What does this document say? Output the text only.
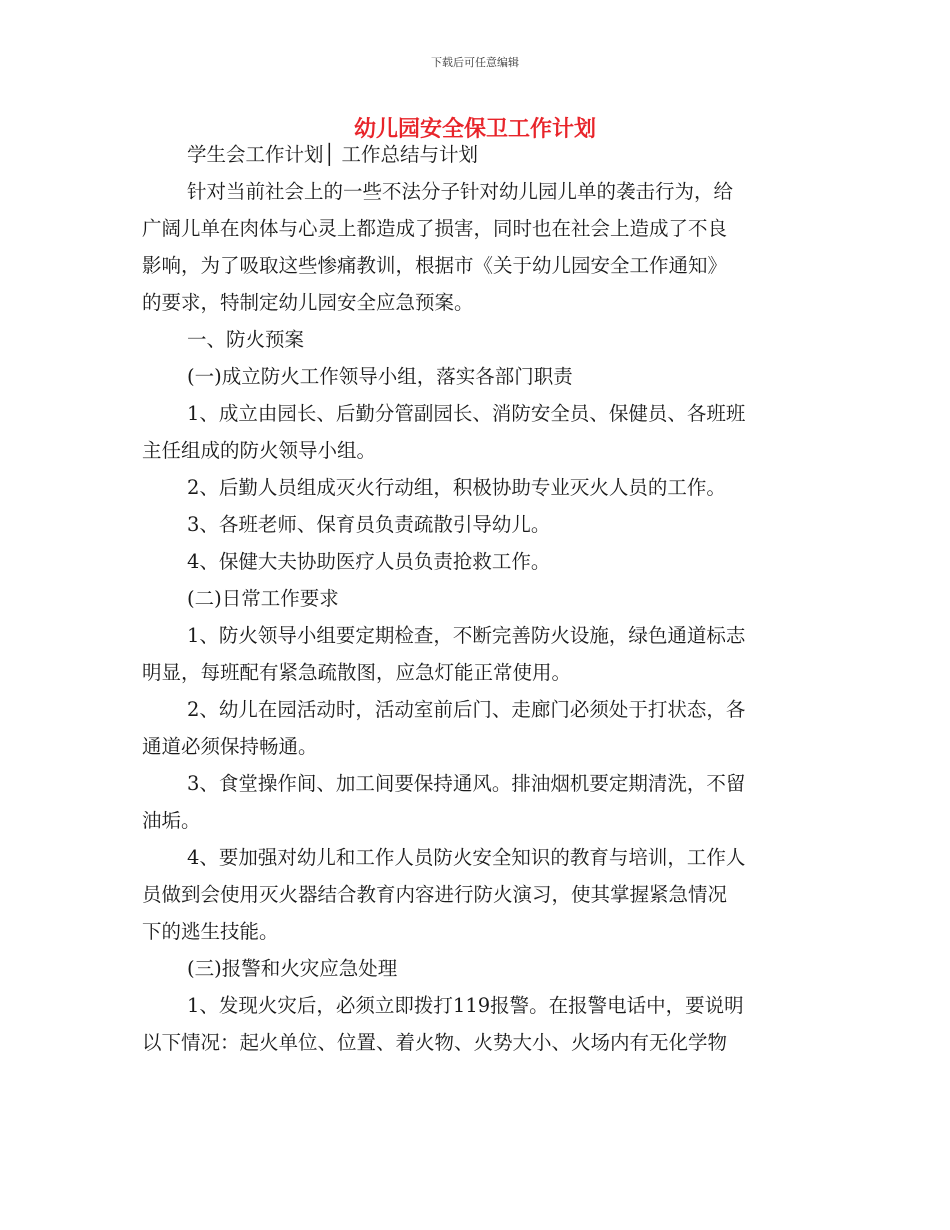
下载后可任意编辑
幼儿园安全保卫工作计划
学生会工作计划│ 工作总结与计划
针对当前社会上的一些不法分子针对幼儿园儿单的袭击行为，给
广阔儿单在肉体与心灵上都造成了损害，同时也在社会上造成了不良
影响，为了吸取这些惨痛教训，根据市《关于幼儿园安全工作通知》
的要求，特制定幼儿园安全应急预案。
一、防火预案
(一)成立防火工作领导小组，落实各部门职责
1、成立由园长、后勤分管副园长、消防安全员、保健员、各班班
主任组成的防火领导小组。
2、后勤人员组成灭火行动组，积极协助专业灭火人员的工作。
3、各班老师、保育员负责疏散引导幼儿。
4、保健大夫协助医疗人员负责抢救工作。
(二)日常工作要求
1、防火领导小组要定期检查，不断完善防火设施，绿色通道标志
明显，每班配有紧急疏散图，应急灯能正常使用。
2、幼儿在园活动时，活动室前后门、走廊门必须处于打状态，各
通道必须保持畅通。
3、食堂操作间、加工间要保持通风。排油烟机要定期清洗，不留
油垢。
4、要加强对幼儿和工作人员防火安全知识的教育与培训，工作人
员做到会使用灭火器结合教育内容进行防火演习，使其掌握紧急情况
下的逃生技能。
(三)报警和火灾应急处理
1、发现火灾后，必须立即拨打119报警。在报警电话中，要说明
以下情况：起火单位、位置、着火物、火势大小、火场内有无化学物
